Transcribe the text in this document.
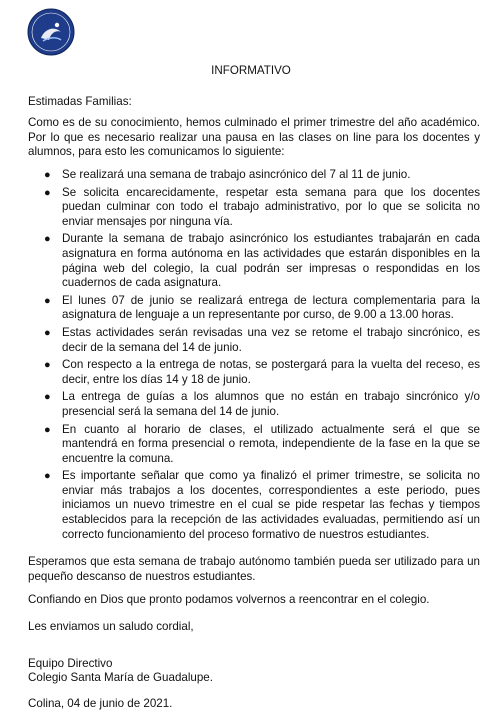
INFORMATIVO
Estimadas Familias:
Como es de su conocimiento, hemos culminado el primer trimestre del año académico. Por lo que es necesario realizar una pausa en las clases on line para los docentes y alumnos, para esto les comunicamos lo siguiente:
● Se realizará una semana de trabajo asincrónico del 7 al 11 de junio.
● Se solicita encarecidamente, respetar esta semana para que los docentes puedan culminar con todo el trabajo administrativo, por lo que se solicita no enviar mensajes por ninguna vía.
● Durante la semana de trabajo asincrónico los estudiantes trabajarán en cada asignatura en forma autónoma en las actividades que estarán disponibles en la página web del colegio, la cual podrán ser impresas o respondidas en los cuadernos de cada asignatura.
● El lunes 07 de junio se realizará entrega de lectura complementaria para la asignatura de lenguaje a un representante por curso, de 9.00 a 13.00 horas.
● Estas actividades serán revisadas una vez se retome el trabajo sincrónico, es decir de la semana del 14 de junio.
● Con respecto a la entrega de notas, se postergará para la vuelta del receso, es decir, entre los días 14 y 18 de junio.
● La entrega de guías a los alumnos que no están en trabajo sincrónico y/o presencial será la semana del 14 de junio.
● En cuanto al horario de clases, el utilizado actualmente será el que se mantendrá en forma presencial o remota, independiente de la fase en la que se encuentre la comuna.
● Es importante señalar que como ya finalizó el primer trimestre, se solicita no enviar más trabajos a los docentes, correspondientes a este periodo, pues iniciamos un nuevo trimestre en el cual se pide respetar las fechas y tiempos establecidos para la recepción de las actividades evaluadas, permitiendo así un correcto funcionamiento del proceso formativo de nuestros estudiantes.
Esperamos que esta semana de trabajo autónomo también pueda ser utilizado para un pequeño descanso de nuestros estudiantes.
Confiando en Dios que pronto podamos volvernos a reencontrar en el colegio.
Les enviamos un saludo cordial,
Equipo Directivo
Colegio Santa María de Guadalupe.
Colina, 04 de junio de 2021.
